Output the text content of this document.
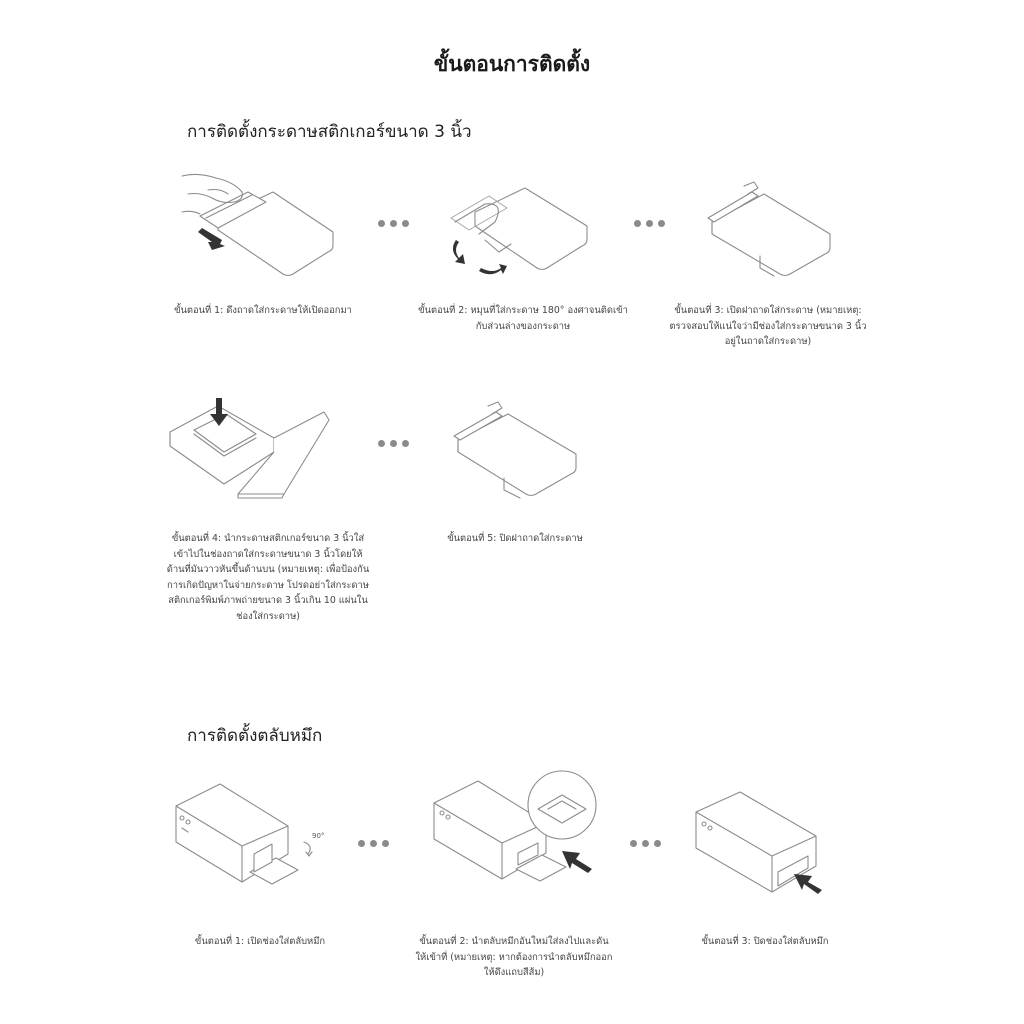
ขั้นตอนการติดตั้ง
การติดตั้งกระดาษสติกเกอร์ขนาด 3 นิ้ว

ขั้นตอนที่ 1: ดึงถาดใส่กระดาษให้เปิดออกมา	ขั้นตอนที่ 2: หมุนที่ใส่กระดาษ 180° องศาจนติดเข้ากับส่วนล่างของกระดาษ

ขั้นตอนที่ 3: เปิดฝาถาดใส่กระดาษ (หมายเหตุ: ตรวจสอบให้แน่ใจว่ามีช่องใส่กระดาษขนาด 3 นิ้วอยู่ในถาดใส่กระดาษ)

ขั้นตอนที่ 4: นำกระดาษสติกเกอร์ขนาด 3 นิ้วใส่เข้าไปในช่องถาดใส่กระดาษขนาด 3 นิ้วโดยให้ด้านที่มันวาวหันขึ้นด้านบน (หมายเหตุ: เพื่อป้องกันการเกิดปัญหาในจ่ายกระดาษ โปรดอย่าใส่กระดาษสติกเกอร์พิมพ์ภาพถ่ายขนาด 3 นิ้วเกิน 10 แผ่นในช่องใส่กระดาษ)

ขั้นตอนที่ 5: ปิดฝาถาดใส่กระดาษ

การติดตั้งตลับหมึก
90°

ขั้นตอนที่ 1: เปิดช่องใส่ตลับหมึก	ขั้นตอนที่ 2: นำตลับหมึกอันใหม่ใส่ลงไปและดันให้เข้าที่ (หมายเหตุ: หากต้องการนำตลับหมึกออก ให้ดึงแถบสีส้ม)

ขั้นตอนที่ 3: ปิดช่องใส่ตลับหมึก
